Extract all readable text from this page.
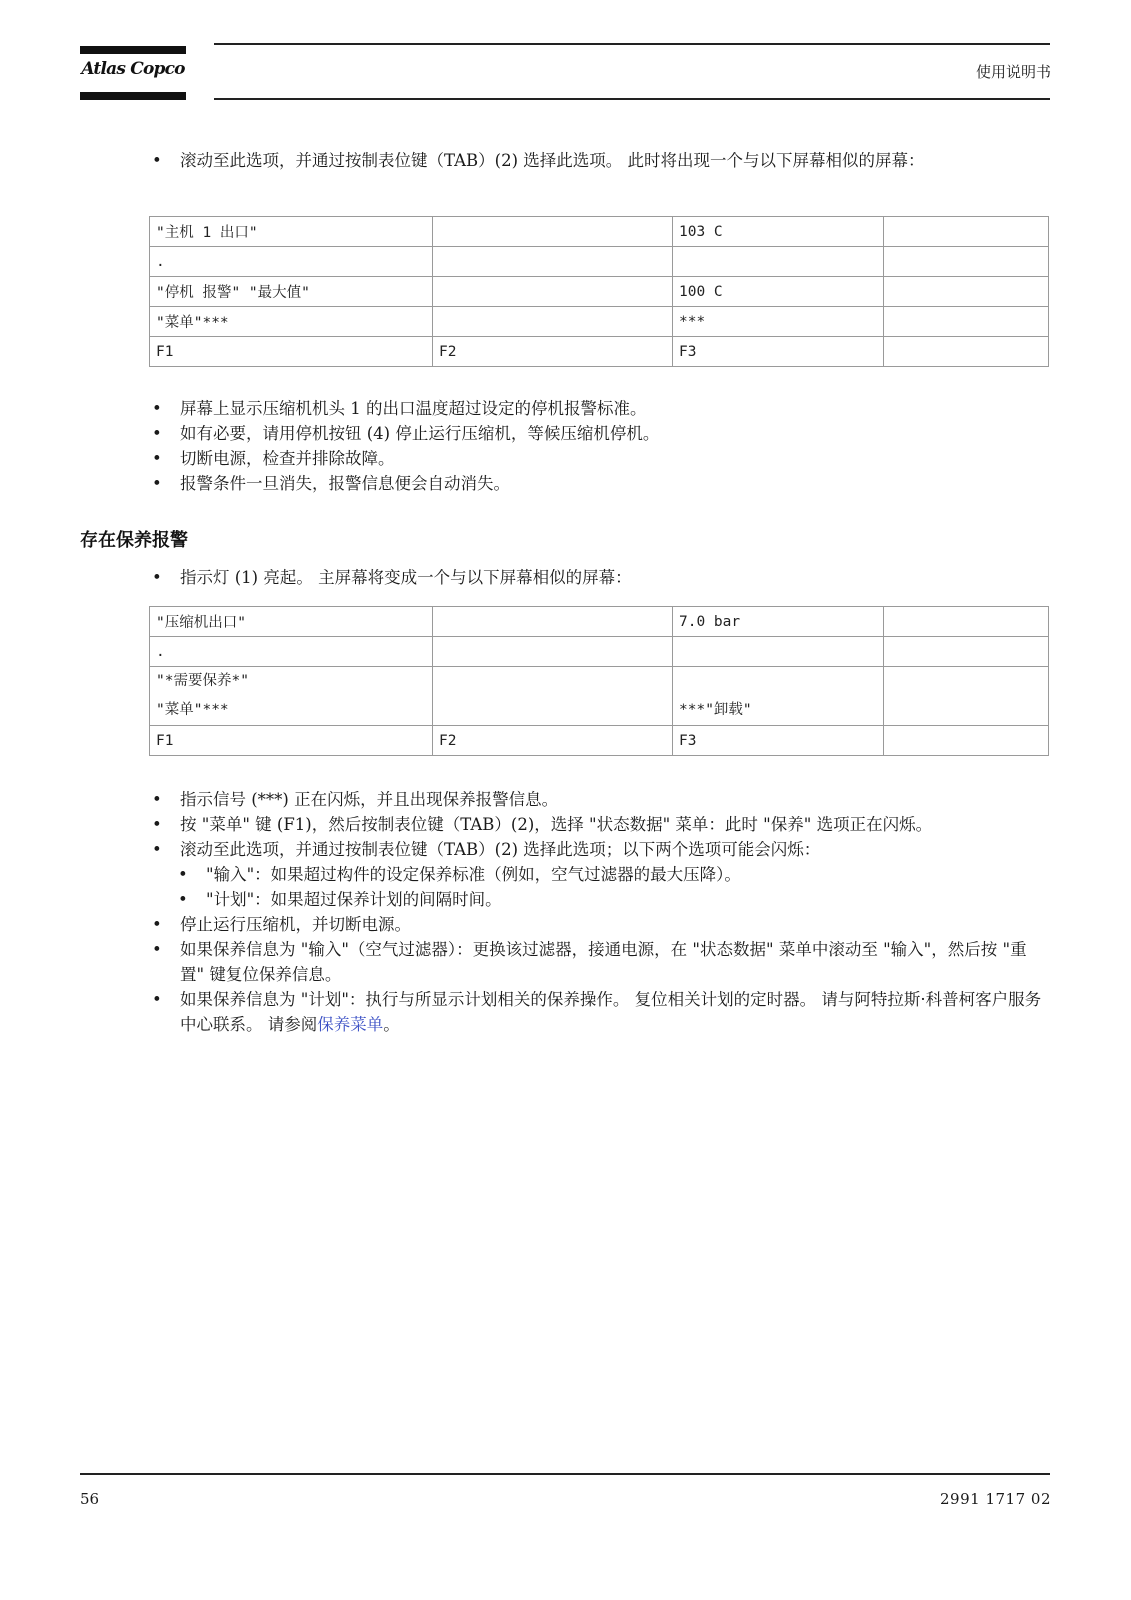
Atlas Copco	使用说明书
• 滚动至此选项，并通过按制表位键（TAB）(2) 选择此选项。 此时将出现一个与以下屏幕相似的屏幕：
"主机 1 出口"		103 C	
.			
"停机 报警" "最大值"		100 C	
"菜单"***		***	
F1	F2	F3	
• 屏幕上显示压缩机机头 1 的出口温度超过设定的停机报警标准。
• 如有必要，请用停机按钮 (4) 停止运行压缩机，等候压缩机停机。
• 切断电源，检查并排除故障。
• 报警条件一旦消失，报警信息便会自动消失。
存在保养报警
• 指示灯 (1) 亮起。 主屏幕将变成一个与以下屏幕相似的屏幕：
"压缩机出口"		7.0 bar	
.			

"*需要保养*"
"菜单"***		***"卸载"	

F1	F2	F3	
• 指示信号 (***) 正在闪烁，并且出现保养报警信息。
• 按 "菜单" 键 (F1)，然后按制表位键（TAB）(2)，选择 "状态数据" 菜单：此时 "保养" 选项正在闪烁。
• 滚动至此选项，并通过按制表位键（TAB）(2) 选择此选项；以下两个选项可能会闪烁：
• "输入"：如果超过构件的设定保养标准（例如，空气过滤器的最大压降）。
• "计划"：如果超过保养计划的间隔时间。
• 停止运行压缩机，并切断电源。
• 如果保养信息为 "输入"（空气过滤器）：更换该过滤器，接通电源，在 "状态数据" 菜单中滚动至 "输入"，然后按 "重置" 键复位保养信息。
• 如果保养信息为 "计划"：执行与所显示计划相关的保养操作。 复位相关计划的定时器。 请与阿特拉斯·科普柯客户服务中心联系。 请参阅保养菜单。
56	2991 1717 02
